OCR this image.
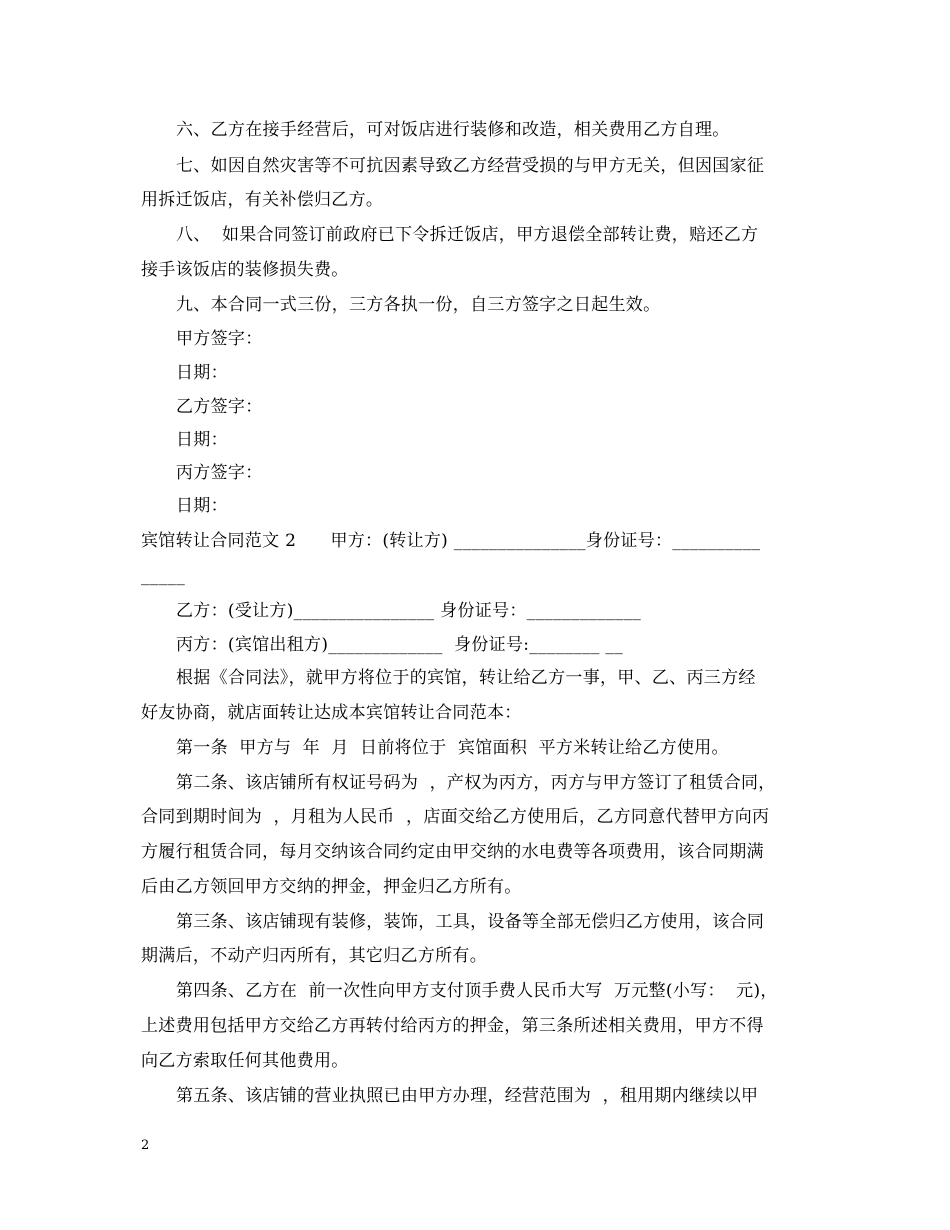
六、乙方在接手经营后，可对饭店进行装修和改造，相关费用乙方自理。
七、如因自然灾害等不可抗因素导致乙方经营受损的与甲方无关，但因国家征
用拆迁饭店，有关补偿归乙方。
八、  如果合同签订前政府已下令拆迁饭店，甲方退偿全部转让费，赔还乙方
接手该饭店的装修损失费。
九、本合同一式三份，三方各执一份，自三方签字之日起生效。
甲方签字：
日期：
乙方签字：
日期：
丙方签字：
日期：
宾馆转让合同范文 2      甲方：(转让方) _______________身份证号：__________
_____
乙方：(受让方)________________ 身份证号：_____________
丙方：(宾馆出租方)_____________  身份证号:________ __
根据《合同法》，就甲方将位于的宾馆，转让给乙方一事，甲、乙、丙三方经
好友协商，就店面转让达成本宾馆转让合同范本：
第一条  甲方与  年  月  日前将位于  宾馆面积  平方米转让给乙方使用。
第二条、该店铺所有权证号码为  ，产权为丙方，丙方与甲方签订了租赁合同，
合同到期时间为  ，月租为人民币  ，店面交给乙方使用后，乙方同意代替甲方向丙
方履行租赁合同，每月交纳该合同约定由甲交纳的水电费等各项费用，该合同期满
后由乙方领回甲方交纳的押金，押金归乙方所有。
第三条、该店铺现有装修，装饰，工具，设备等全部无偿归乙方使用，该合同
期满后，不动产归丙所有，其它归乙方所有。
第四条、乙方在  前一次性向甲方支付顶手费人民币大写  万元整(小写：  元)，
上述费用包括甲方交给乙方再转付给丙方的押金，第三条所述相关费用，甲方不得
向乙方索取任何其他费用。
第五条、该店铺的营业执照已由甲方办理，经营范围为  ，租用期内继续以甲
2
